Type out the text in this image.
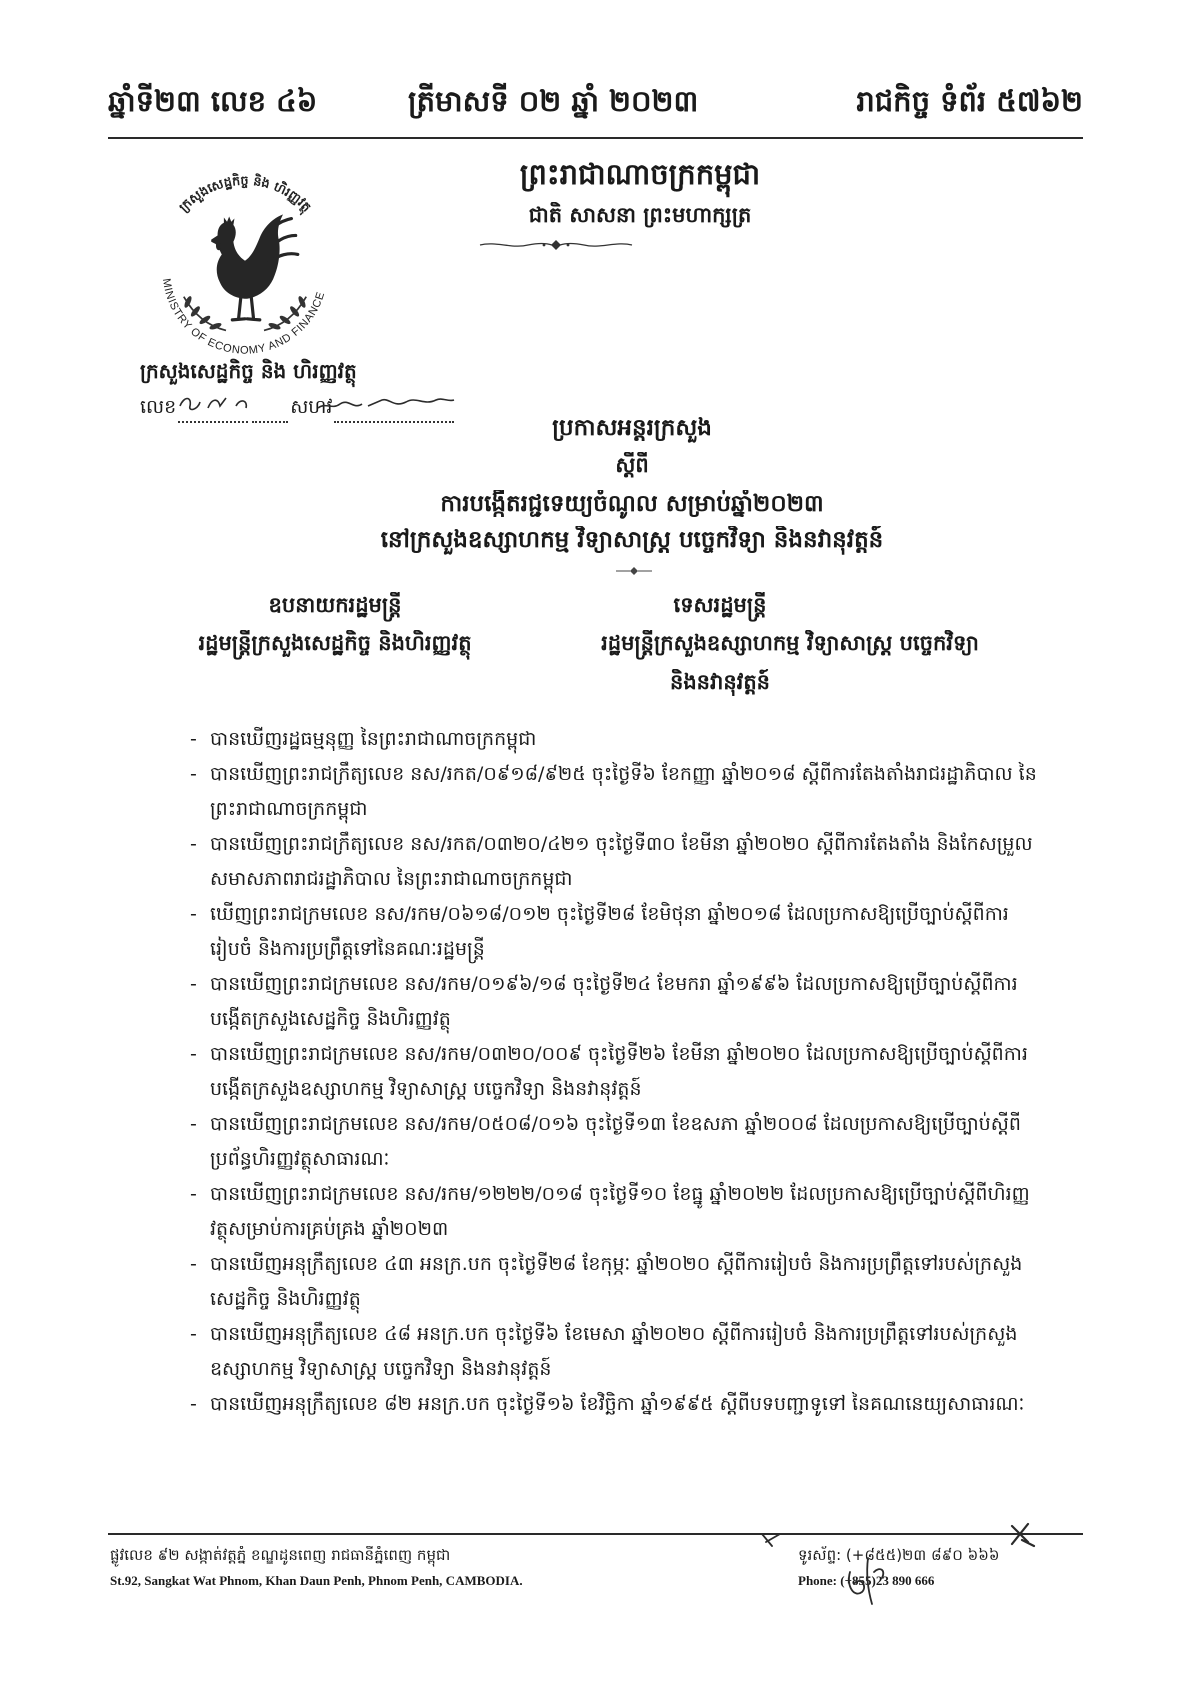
ឆ្នាំទី២៣ លេខ ៤៦	ត្រីមាសទី ០២ ឆ្នាំ ២០២៣	រាជកិច្ច ទំព័រ ៥៧៦២
ព្រះរាជាណាចក្រកម្ពុជា
ជាតិ សាសនា ព្រះមហាក្សត្រ
ក្រសួងសេដ្ឋកិច្ច និង ហិរញ្ញវត្ថុ
MINISTRY OF ECONOMY AND FINANCE
ក្រសួងសេដ្ឋកិច្ច និង ហិរញ្ញវត្ថុ
លេខ	សហវ
ប្រកាសអន្តរក្រសួង
ស្តីពី
ការបង្កើតរជ្ជទេយ្យចំណូល សម្រាប់ឆ្នាំ២០២៣
នៅក្រសួងឧស្សាហកម្ម វិទ្យាសាស្ត្រ បច្ចេកវិទ្យា និងនវានុវត្តន៍
ឧបនាយករដ្ឋមន្ត្រី
រដ្ឋមន្ត្រីក្រសួងសេដ្ឋកិច្ច និងហិរញ្ញវត្ថុ
ទេសរដ្ឋមន្ត្រី
រដ្ឋមន្ត្រីក្រសួងឧស្សាហកម្ម វិទ្យាសាស្ត្រ បច្ចេកវិទ្យា
និងនវានុវត្តន៍
- បានឃើញរដ្ឋធម្មនុញ្ញ នៃព្រះរាជាណាចក្រកម្ពុជា
- បានឃើញព្រះរាជក្រឹត្យលេខ នស/រកត/០៩១៨/៩២៥ ចុះថ្ងៃទី៦ ខែកញ្ញា ឆ្នាំ២០១៨ ស្តីពីការតែងតាំងរាជរដ្ឋាភិបាល នៃព្រះរាជាណាចក្រកម្ពុជា
- បានឃើញព្រះរាជក្រឹត្យលេខ នស/រកត/០៣២០/៤២១ ចុះថ្ងៃទី៣០ ខែមីនា ឆ្នាំ២០២០ ស្តីពីការតែងតាំង និងកែសម្រួលសមាសភាពរាជរដ្ឋាភិបាល នៃព្រះរាជាណាចក្រកម្ពុជា
- ឃើញព្រះរាជក្រមលេខ នស/រកម/០៦១៨/០១២ ចុះថ្ងៃទី២៨ ខែមិថុនា ឆ្នាំ២០១៨ ដែលប្រកាសឱ្យប្រើច្បាប់ស្តីពីការរៀបចំ និងការប្រព្រឹត្តទៅនៃគណៈរដ្ឋមន្ត្រី
- បានឃើញព្រះរាជក្រមលេខ នស/រកម/០១៩៦/១៨ ចុះថ្ងៃទី២៤ ខែមករា ឆ្នាំ១៩៩៦ ដែលប្រកាសឱ្យប្រើច្បាប់ស្តីពីការបង្កើតក្រសួងសេដ្ឋកិច្ច និងហិរញ្ញវត្ថុ
- បានឃើញព្រះរាជក្រមលេខ នស/រកម/០៣២០/០០៩ ចុះថ្ងៃទី២៦ ខែមីនា ឆ្នាំ២០២០ ដែលប្រកាសឱ្យប្រើច្បាប់ស្តីពីការបង្កើតក្រសួងឧស្សាហកម្ម វិទ្យាសាស្ត្រ បច្ចេកវិទ្យា និងនវានុវត្តន៍
- បានឃើញព្រះរាជក្រមលេខ នស/រកម/០៥០៨/០១៦ ចុះថ្ងៃទី១៣ ខែឧសភា ឆ្នាំ២០០៨ ដែលប្រកាសឱ្យប្រើច្បាប់ស្តីពីប្រព័ន្ធហិរញ្ញវត្ថុសាធារណៈ
- បានឃើញព្រះរាជក្រមលេខ នស/រកម/១២២២/០១៨ ចុះថ្ងៃទី១០ ខែធ្នូ ឆ្នាំ២០២២ ដែលប្រកាសឱ្យប្រើច្បាប់ស្តីពីហិរញ្ញវត្ថុសម្រាប់ការគ្រប់គ្រង ឆ្នាំ២០២៣
- បានឃើញអនុក្រឹត្យលេខ ៤៣ អនក្រ.បក ចុះថ្ងៃទី២៨ ខែកុម្ភៈ ឆ្នាំ២០២០ ស្តីពីការរៀបចំ និងការប្រព្រឹត្តទៅរបស់ក្រសួងសេដ្ឋកិច្ច និងហិរញ្ញវត្ថុ
- បានឃើញអនុក្រឹត្យលេខ ៤៨ អនក្រ.បក ចុះថ្ងៃទី៦ ខែមេសា ឆ្នាំ២០២០ ស្តីពីការរៀបចំ និងការប្រព្រឹត្តទៅរបស់ក្រសួងឧស្សាហកម្ម វិទ្យាសាស្ត្រ បច្ចេកវិទ្យា និងនវានុវត្តន៍
- បានឃើញអនុក្រឹត្យលេខ ៨២ អនក្រ.បក ចុះថ្ងៃទី១៦ ខែវិច្ឆិកា ឆ្នាំ១៩៩៥ ស្តីពីបទបញ្ជាទូទៅ នៃគណនេយ្យសាធារណៈ
ផ្លូវលេខ ៩២ សង្កាត់វត្តភ្នំ ខណ្ឌដូនពេញ រាជធានីភ្នំពេញ កម្ពុជា
St.92, Sangkat Wat Phnom, Khan Daun Penh, Phnom Penh, CAMBODIA.
ទូរស័ព្ទ: (+៨៥៥)២៣ ៨៩០ ៦៦៦
Phone: (+855)23 890 666
